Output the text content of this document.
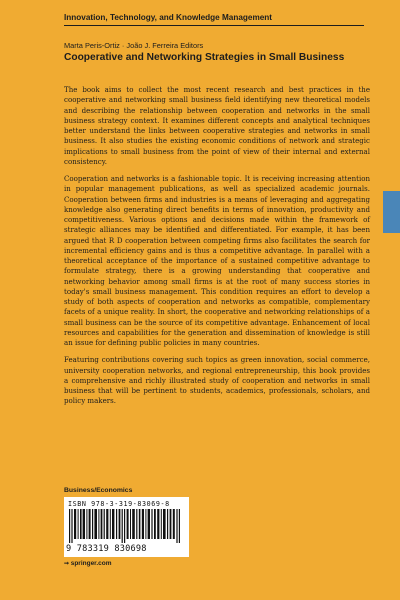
Innovation, Technology, and Knowledge Management
Marta Peris-Ortiz · João J. Ferreira Editors
Cooperative and Networking Strategies in Small Business

The book aims to collect the most recent research and best practices in the cooperative and networking small business field identifying new theoretical models and describing the relationship between cooperation and networks in the small business strategy context. It examines different concepts and analytical techniques better understand the links between cooperative strategies and networks in small business. It also studies the existing economic conditions of network and strategic implications to small business from the point of view of their internal and external consistency.

Cooperation and networks is a fashionable topic. It is receiving increasing attention in popular management publications, as well as specialized academic journals. Cooperation between firms and industries is a means of leveraging and aggregating knowledge also generating direct benefits in terms of innovation, productivity and competitiveness. Various options and decisions made within the framework of strategic alliances may be identified and differentiated. For example, it has been argued that R D cooperation between competing firms also facilitates the search for incremental efficiency gains and is thus a competitive advantage. In parallel with a theoretical acceptance of the importance of a sustained competitive advantage to formulate strategy, there is a growing understanding that cooperative and networking behavior among small firms is at the root of many success stories in today's small business management. This condition requires an effort to develop a study of both aspects of cooperation and networks as compatible, complementary facets of a unique reality. In short, the cooperative and networking relationships of a small business can be the source of its competitive advantage. Enhancement of local resources and capabilities for the generation and dissemination of knowledge is still an issue for defining public policies in many countries.

Featuring contributions covering such topics as green innovation, social commerce, university cooperation networks, and regional entrepreneurship, this book provides a comprehensive and richly illustrated study of cooperation and networks in small business that will be pertinent to students, academics, professionals, scholars, and policy makers.

Business/Economics
ISBN 978-3-319-83069-8
9 783319 830698
➞ springer.com
